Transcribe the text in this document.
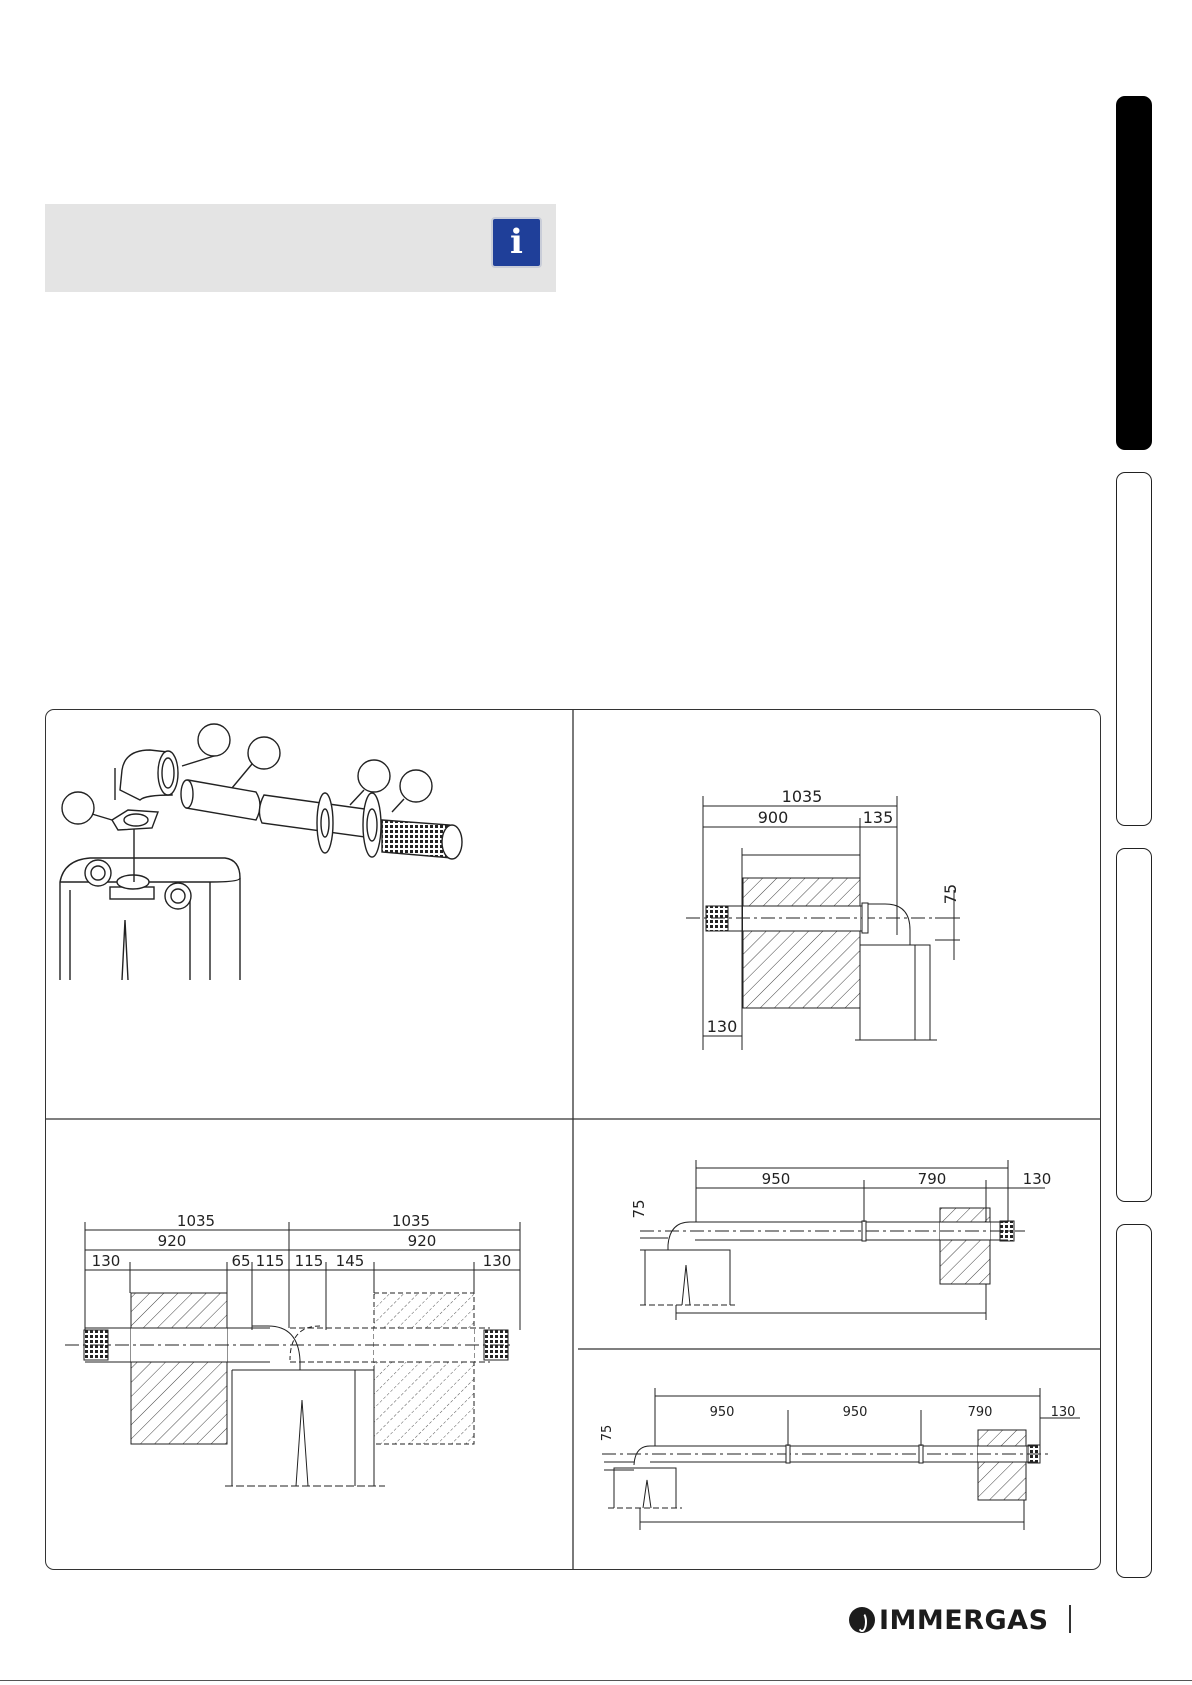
i
1035
900	135
75
130
1035	1035
920	920
130	65 115 115 145	130
950	790	130
75
950	950	790	130
75
IMMERGAS
